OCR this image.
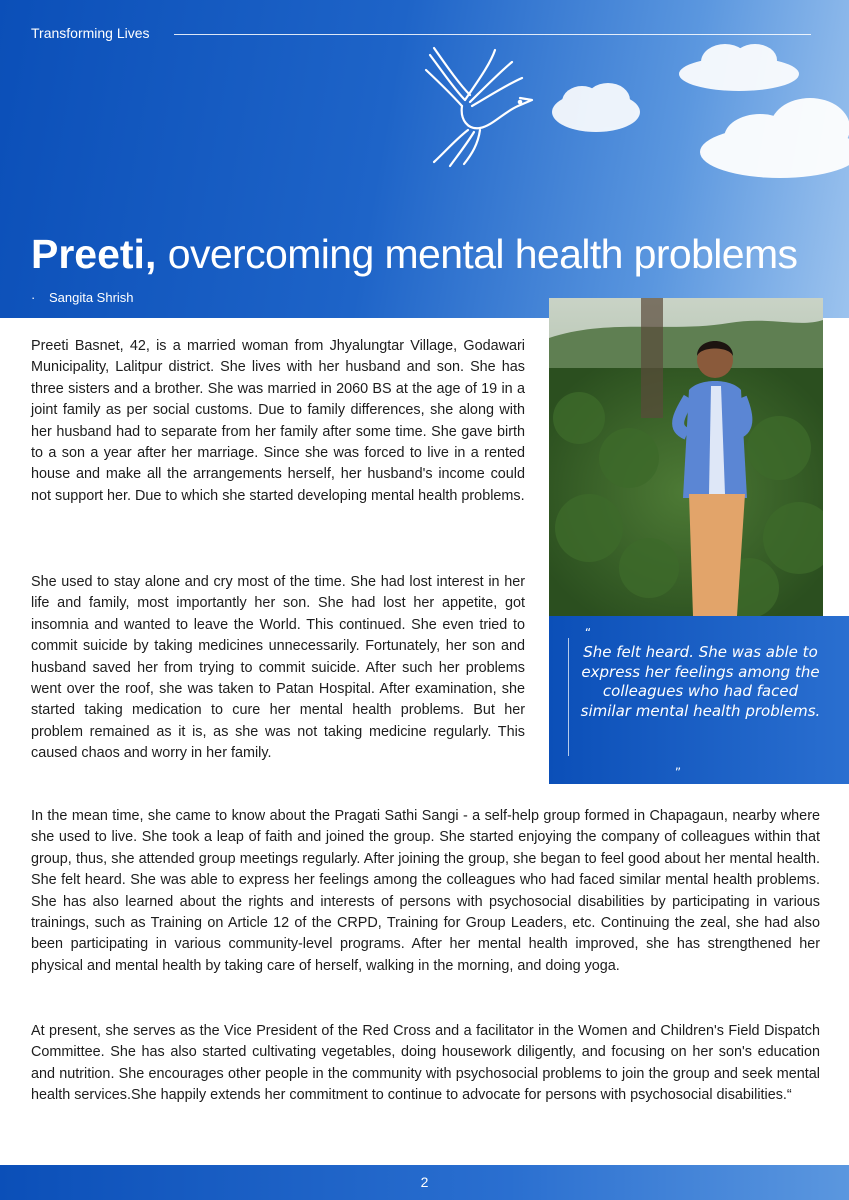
Transforming Lives
Preeti, overcoming mental health problems
· Sangita Shrish
“
She felt heard. She was able to express her feelings among the colleagues who had faced similar mental health problems.
„

Preeti Basnet, 42, is a married woman from Jhyalungtar Village, Godawari Municipality, Lalitpur district. She lives with her husband and son. She has three sisters and a brother. She was married in 2060 BS at the age of 19 in a joint family as per social customs. Due to family differences, she along with her husband had to separate from her family after some time. She gave birth to a son a year after her marriage. Since she was forced to live in a rented house and make all the arrangements herself, her husband's income could not support her. Due to which she started developing mental health problems.

She used to stay alone and cry most of the time. She had lost interest in her life and family, most importantly her son. She had lost her appetite, got insomnia and wanted to leave the World. This continued. She even tried to commit suicide by taking medicines unnecessarily. Fortunately, her son and husband saved her from trying to commit suicide. After such her problems went over the roof, she was taken to Patan Hospital. After examination, she started taking medication to cure her mental health problems. But her problem remained as it is, as she was not taking medicine regularly. This caused chaos and worry in her family.

In the mean time, she came to know about the Pragati Sathi Sangi - a self-help group formed in Chapagaun, nearby where she used to live. She took a leap of faith and joined the group. She started enjoying the company of colleagues within that group, thus, she attended group meetings regularly. After joining the group, she began to feel good about her mental health. She felt heard. She was able to express her feelings among the colleagues who had faced similar mental health problems. She has also learned about the rights and interests of persons with psychosocial disabilities by participating in various trainings, such as Training on Article 12 of the CRPD, Training for Group Leaders, etc. Continuing the zeal, she had also been participating in various community-level programs. After her mental health improved, she has strengthened her physical and mental health by taking care of herself, walking in the morning, and doing yoga.

At present, she serves as the Vice President of the Red Cross and a facilitator in the Women and Children's Field Dispatch Committee. She has also started cultivating vegetables, doing housework diligently, and focusing on her son's education and nutrition. She encourages other people in the community with psychosocial problems to join the group and seek mental health services.She happily extends her commitment to continue to advocate for persons with psychosocial disabilities.“

2
